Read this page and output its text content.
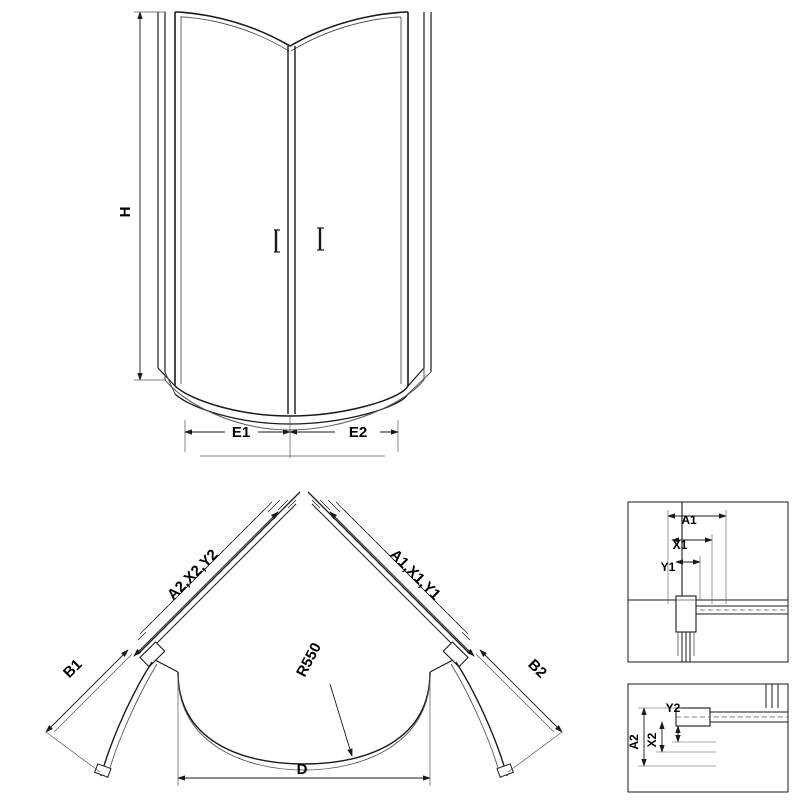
H
E1	E2
A2,X2,Y2	A1,X1,Y1
B1	B2
R550
D
A1
X1
Y1
A2 X2
Y2
